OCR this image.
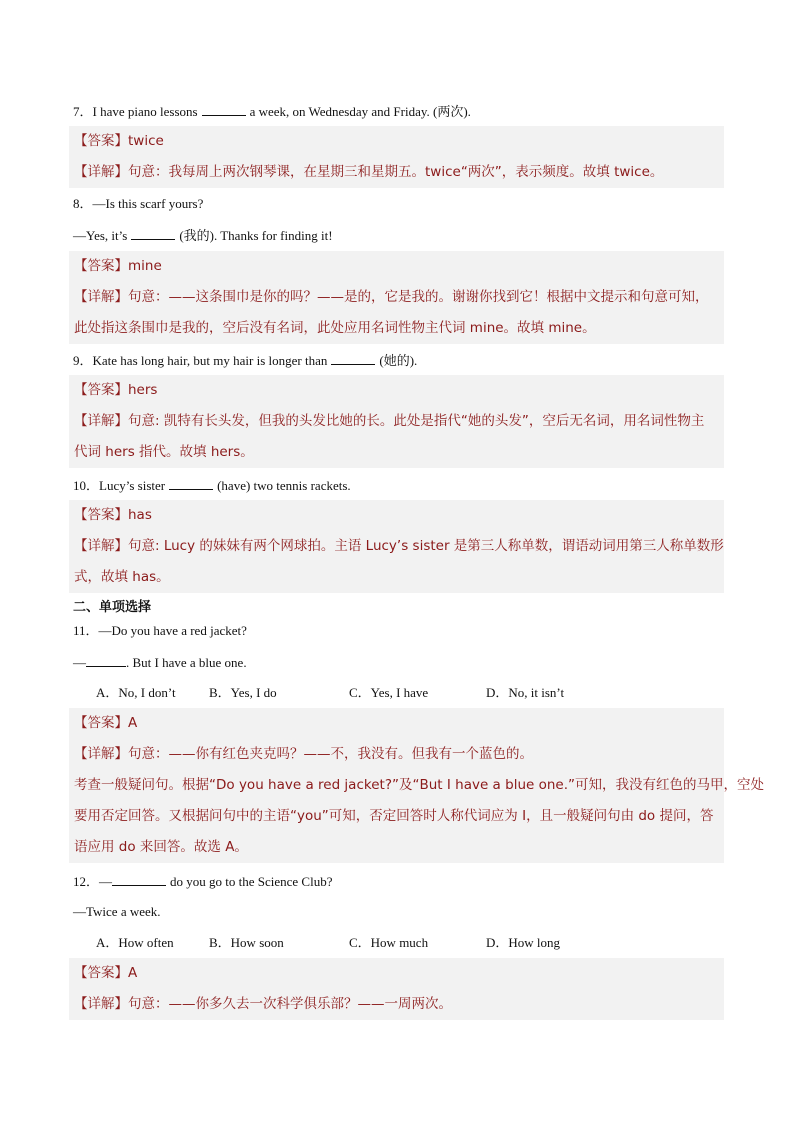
7．I have piano lessons	a week, on Wednesday and Friday. (两次).
【答案】twice
【详解】句意：我每周上两次钢琴课，在星期三和星期五。twice“两次”，表示频度。故填 twice。
8．—Is this scarf yours?
—Yes, it’s	(我的). Thanks for finding it!
【答案】mine
【详解】句意：——这条围巾是你的吗？——是的，它是我的。谢谢你找到它！根据中文提示和句意可知，
此处指这条围巾是我的，空后没有名词，此处应用名词性物主代词 mine。故填 mine。
9．Kate has long hair, but my hair is longer than	(她的).
【答案】hers
【详解】句意: 凯特有长头发，但我的头发比她的长。此处是指代“她的头发”，空后无名词，用名词性物主
代词 hers 指代。故填 hers。
10．Lucy’s sister	(have) two tennis rackets.
【答案】has
【详解】句意: Lucy 的妹妹有两个网球拍。主语 Lucy’s sister 是第三人称单数，谓语动词用第三人称单数形
式，故填 has。
二、单项选择
11．—Do you have a red jacket?
—	. But I have a blue one.
A．No, I don’t	B．Yes, I do	C．Yes, I have	D．No, it isn’t
【答案】A
【详解】句意：——你有红色夹克吗？——不，我没有。但我有一个蓝色的。
考查一般疑问句。根据“Do you have a red jacket?”及“But I have a blue one.”可知，我没有红色的马甲，空处
要用否定回答。又根据问句中的主语“you”可知，否定回答时人称代词应为 I，且一般疑问句由 do 提问，答
语应用 do 来回答。故选 A。
12．—	do you go to the Science Club?
—Twice a week.
A．How often	B．How soon	C．How much	D．How long
【答案】A
【详解】句意：——你多久去一次科学俱乐部？——一周两次。
